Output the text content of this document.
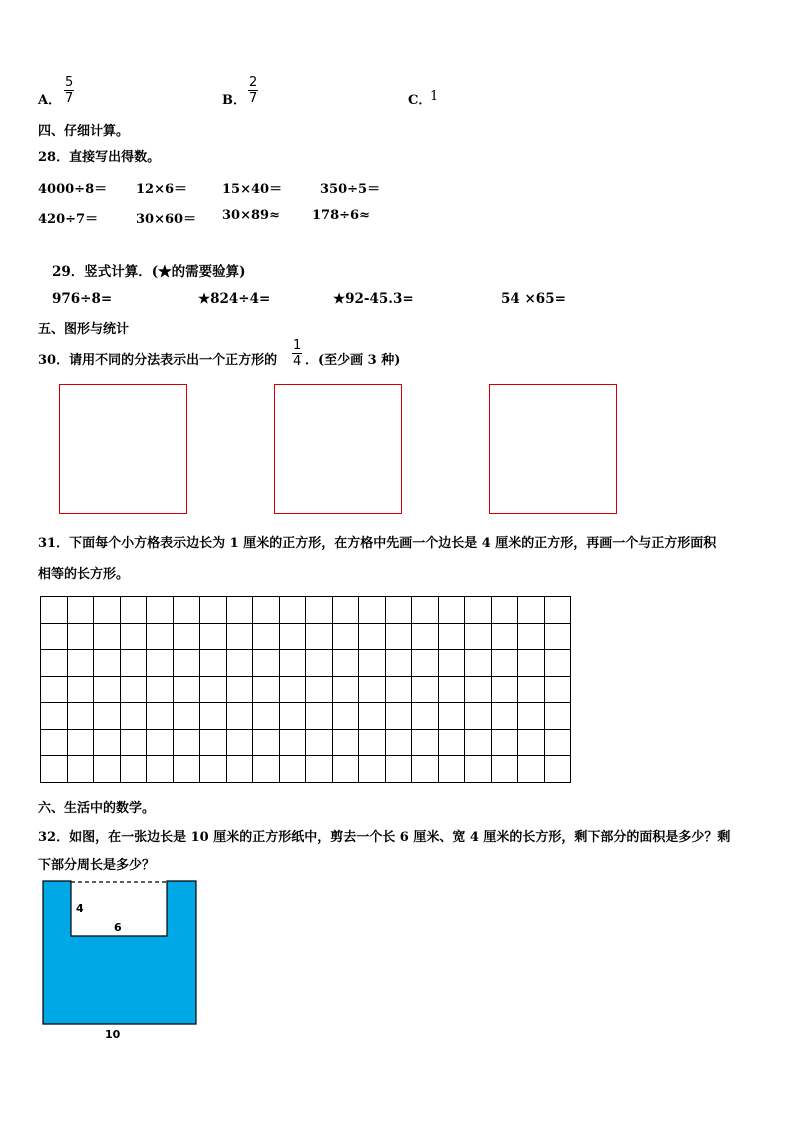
A．
5
7	B．
2
7	C．
1
四、仔细计算。
28．直接写出得数。
4000÷8＝ 12×6＝	15×40＝	350÷5＝
420÷7＝	30×60＝ 30×89≈ 178÷6≈
29．竖式计算．(★的需要验算)
976÷8=	★824÷4=	★92-45.3=	54 ×65=
五、图形与统计
30．请用不同的分法表示出一个正方形的
1
4 ．(至少画 3 种)
31．下面每个小方格表示边长为 1 厘米的正方形，在方格中先画一个边长是 4 厘米的正方形，再画一个与正方形面积
相等的长方形。

六、生活中的数学。
32．如图，在一张边长是 10 厘米的正方形纸中，剪去一个长 6 厘米、宽 4 厘米的长方形，剩下部分的面积是多少？剩
下部分周长是多少？
4
6
10
